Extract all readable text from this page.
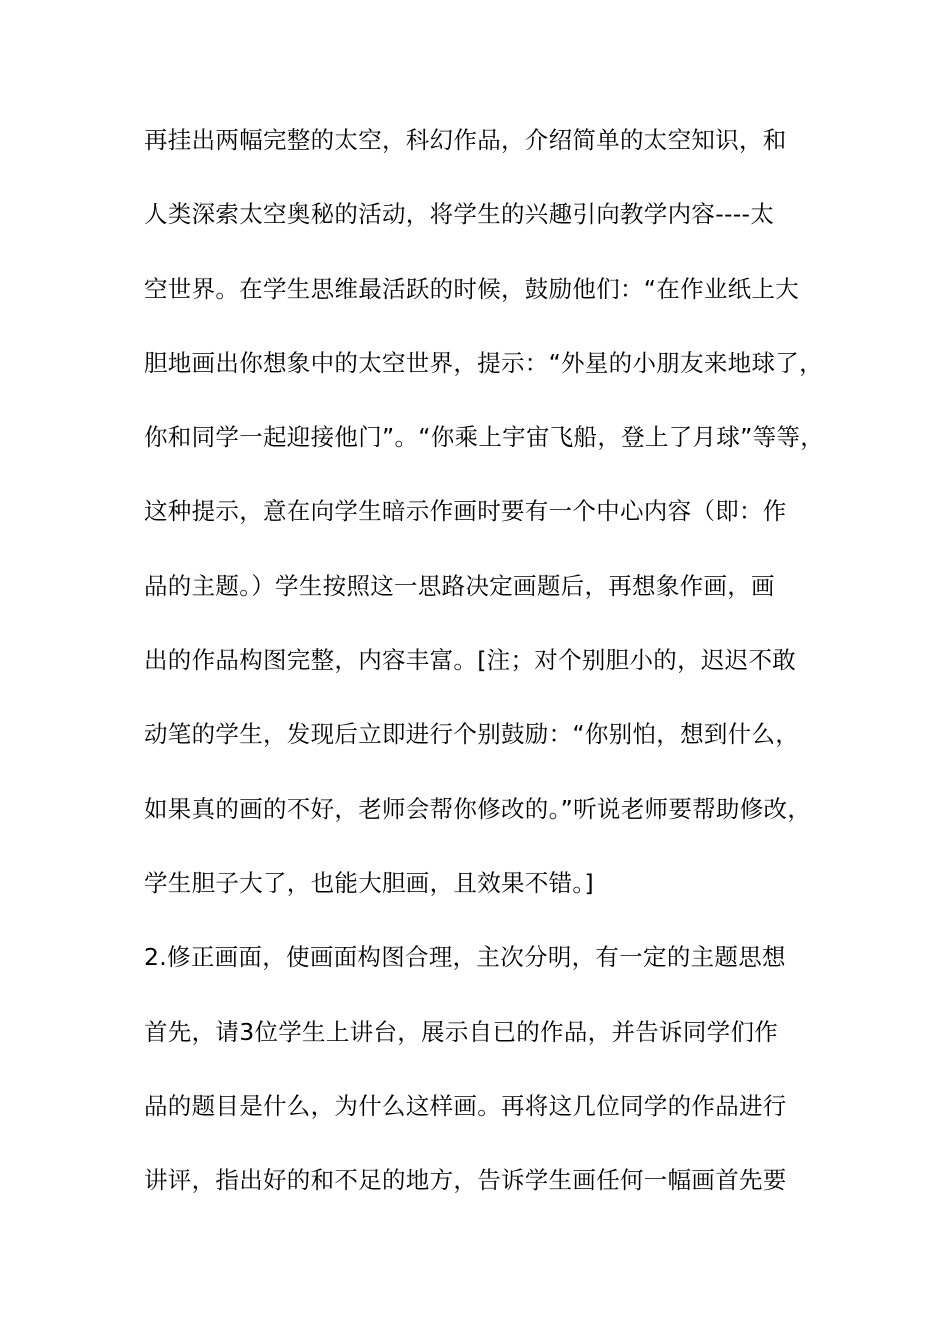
再挂出两幅完整的太空，科幻作品，介绍简单的太空知识，和
人类深索太空奥秘的活动，将学生的兴趣引向教学内容----太
空世界。在学生思维最活跃的时候，鼓励他们：“在作业纸上大
胆地画出你想象中的太空世界，提示：“外星的小朋友来地球了，
你和同学一起迎接他门”。“你乘上宇宙飞船，登上了月球”等等，
这种提示，意在向学生暗示作画时要有一个中心内容（即：作
品的主题。）学生按照这一思路决定画题后，再想象作画，画
出的作品构图完整，内容丰富。[注；对个别胆小的，迟迟不敢
动笔的学生，发现后立即进行个别鼓励：“你别怕，想到什么，
如果真的画的不好，老师会帮你修改的。”听说老师要帮助修改，
学生胆子大了，也能大胆画，且效果不错。]
2.修正画面，使画面构图合理，主次分明，有一定的主题思想
首先，请3位学生上讲台，展示自已的作品，并告诉同学们作
品的题目是什么，为什么这样画。再将这几位同学的作品进行
讲评，指出好的和不足的地方，告诉学生画任何一幅画首先要
